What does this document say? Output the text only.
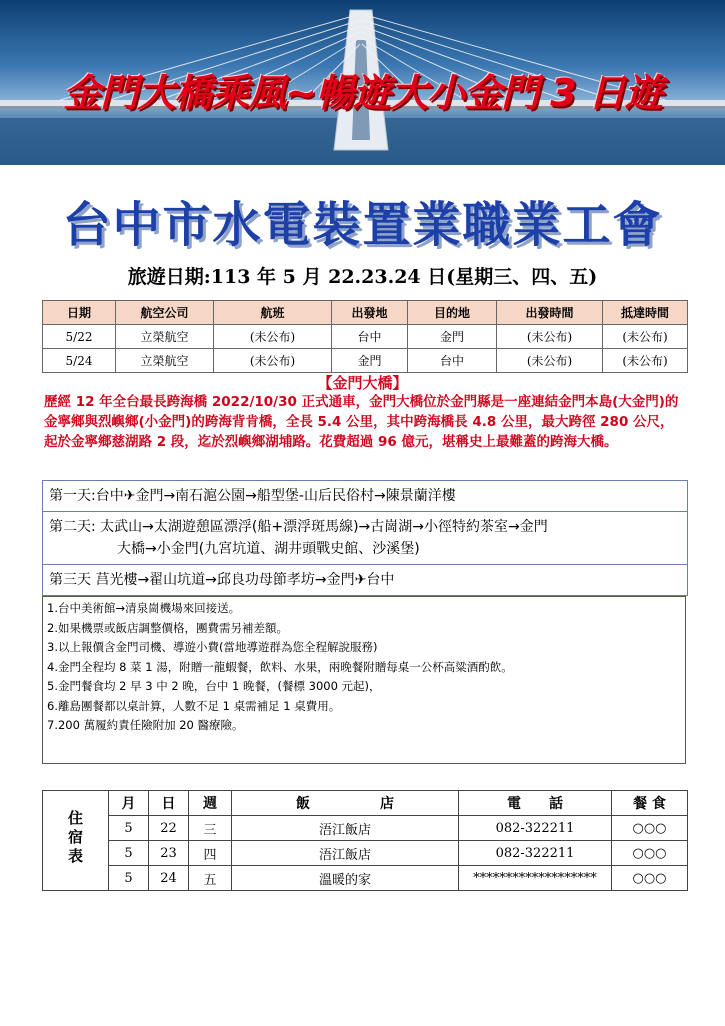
金門大橋乘風~暢遊大小金門 3 日遊
台中市水電裝置業職業工會
旅遊日期:113 年 5 月 22.23.24 日(星期三、四、五)
日期	航空公司	航班	出發地	目的地	出發時間	抵達時間
5/22	立榮航空	(未公布)	台中	金門	(未公布)	(未公布)
5/24	立榮航空	(未公布)	金門	台中	(未公布)	(未公布)
【金門大橋】
歷經 12 年全台最長跨海橋 2022/10/30 正式通車，金門大橋位於金門縣是一座連結金門本島(大金門)的金寧鄉與烈嶼鄉(小金門)的跨海背肯橋，全長 5.4 公里，其中跨海橋長 4.8 公里，最大跨徑 280 公尺，起於金寧鄉慈湖路 2 段，迄於烈嶼鄉湖埔路。花費超過 96 億元，堪稱史上最難蓋的跨海大橋。
第一天:台中✈金門→南石滬公園→船型堡-山后民俗村→陳景蘭洋樓

第二天: 太武山→太湖遊憩區漂浮(船+漂浮斑馬線)→古崗湖→小徑特約茶室→金門
大橋→小金門(九宮坑道、湖井頭戰史館、沙溪堡)

第三天 莒光樓→翟山坑道→邱良功母節孝坊→金門✈台中
1.台中美術館→清泉崗機場來回接送。
2.如果機票或飯店調整價格，團費需另補差額。
3.以上報價含金門司機、導遊小費(當地導遊群為您全程解說服務)
4.金門全程均 8 菜 1 湯，附贈一龍蝦餐，飲料、水果，兩晚餐附贈每桌一公杯高粱酒酌飲。
5.金門餐食均 2 早 3 中 2 晚，台中 1 晚餐，(餐標 3000 元起)，
6.離島團餐都以桌計算，人數不足 1 桌需補足 1 桌費用。
7.200 萬履約責任險附加 20 醫療險。
住宿表	月	日	週	飯　　　　　店	電　　話	餐 食
	5	22	三	浯江飯店	082-322211	○○○
	5	23	四	浯江飯店	082-322211	○○○
	5	24	五	溫暖的家	*******************	○○○
